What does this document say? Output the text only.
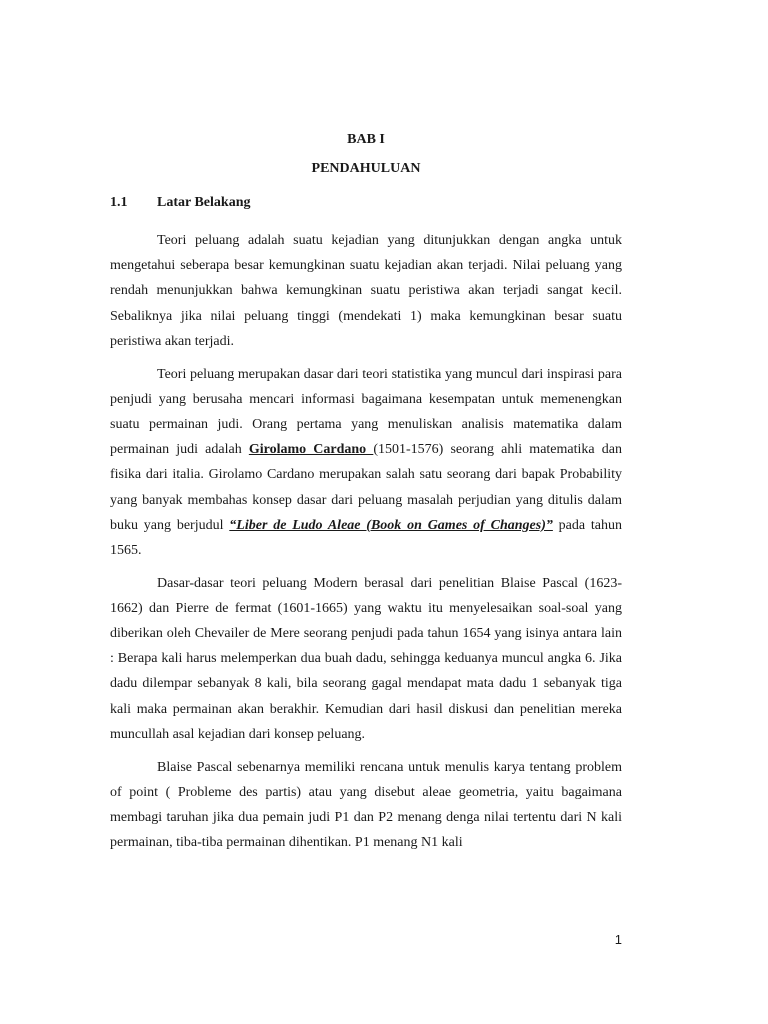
BAB I
PENDAHULUAN
1.1 Latar Belakang

Teori peluang adalah suatu kejadian yang ditunjukkan dengan angka untuk mengetahui seberapa besar kemungkinan suatu kejadian akan terjadi. Nilai peluang yang rendah menunjukkan bahwa kemungkinan suatu peristiwa akan terjadi sangat kecil. Sebaliknya jika nilai peluang tinggi (mendekati 1) maka kemungkinan besar suatu peristiwa akan terjadi.

Teori peluang merupakan dasar dari teori statistika yang muncul dari inspirasi para penjudi yang berusaha mencari informasi bagaimana kesempatan untuk memenengkan suatu permainan judi. Orang pertama yang menuliskan analisis matematika dalam permainan judi adalah Girolamo Cardano (1501-1576) seorang ahli matematika dan fisika dari italia. Girolamo Cardano merupakan salah satu seorang dari bapak Probability yang banyak membahas konsep dasar dari peluang masalah perjudian yang ditulis dalam buku yang berjudul “Liber de Ludo Aleae (Book on Games of Changes)” pada tahun 1565.

Dasar-dasar teori peluang Modern berasal dari penelitian Blaise Pascal (1623-1662) dan Pierre de fermat (1601-1665) yang waktu itu menyelesaikan soal-soal yang diberikan oleh Chevailer de Mere seorang penjudi pada tahun 1654 yang isinya antara lain : Berapa kali harus melemperkan dua buah dadu, sehingga keduanya muncul angka 6. Jika dadu dilempar sebanyak 8 kali, bila seorang gagal mendapat mata dadu 1 sebanyak tiga kali maka permainan akan berakhir. Kemudian dari hasil diskusi dan penelitian mereka muncullah asal kejadian dari konsep peluang.

Blaise Pascal sebenarnya memiliki rencana untuk menulis karya tentang problem of point ( Probleme des partis) atau yang disebut aleae geometria, yaitu bagaimana membagi taruhan jika dua pemain judi P1 dan P2 menang denga nilai tertentu dari N kali permainan, tiba-tiba permainan dihentikan. P1 menang N1 kali

1
